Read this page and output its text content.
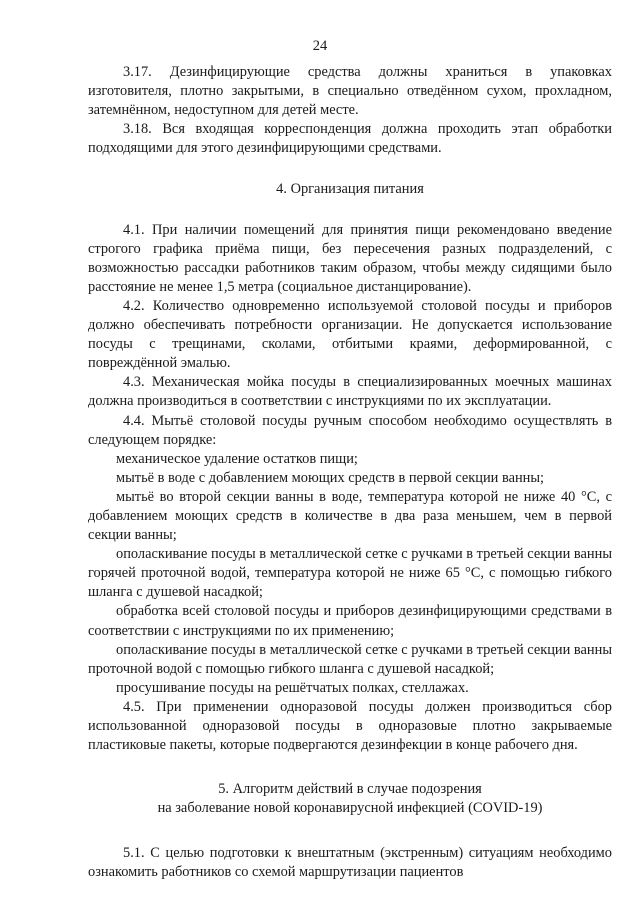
24

3.17. Дезинфицирующие средства должны храниться в упаковках изготовителя, плотно закрытыми, в специально отведённом сухом, прохладном, затемнённом, недоступном для детей месте.

3.18. Вся входящая корреспонденция должна проходить этап обработки подходящими для этого дезинфицирующими средствами.

4. Организация питания

4.1. При наличии помещений для принятия пищи рекомендовано введение строгого графика приёма пищи, без пересечения разных подразделений, с возможностью рассадки работников таким образом, чтобы между сидящими было расстояние не менее 1,5 метра (социальное дистанцирование).

4.2. Количество одновременно используемой столовой посуды и приборов должно обеспечивать потребности организации. Не допускается использование посуды с трещинами, сколами, отбитыми краями, деформированной, с повреждённой эмалью.

4.3. Механическая мойка посуды в специализированных моечных машинах должна производиться в соответствии с инструкциями по их эксплуатации.

4.4. Мытьё столовой посуды ручным способом необходимо осуществлять в следующем порядке:

механическое удаление остатков пищи;

мытьё в воде с добавлением моющих средств в первой секции ванны;

мытьё во второй секции ванны в воде, температура которой не ниже 40 °С, с добавлением моющих средств в количестве в два раза меньшем, чем в первой секции ванны;

ополаскивание посуды в металлической сетке с ручками в третьей секции ванны горячей проточной водой, температура которой не ниже 65 °С, с помощью гибкого шланга с душевой насадкой;

обработка всей столовой посуды и приборов дезинфицирующими средствами в соответствии с инструкциями по их применению;

ополаскивание посуды в металлической сетке с ручками в третьей секции ванны проточной водой с помощью гибкого шланга с душевой насадкой;

просушивание посуды на решётчатых полках, стеллажах.

4.5. При применении одноразовой посуды должен производиться сбор использованной одноразовой посуды в одноразовые плотно закрываемые пластиковые пакеты, которые подвергаются дезинфекции в конце рабочего дня.

5. Алгоритм действий в случае подозрения

на заболевание новой коронавирусной инфекцией (COVID-19)

5.1. С целью подготовки к внештатным (экстренным) ситуациям необходимо ознакомить работников со схемой маршрутизации пациентов
